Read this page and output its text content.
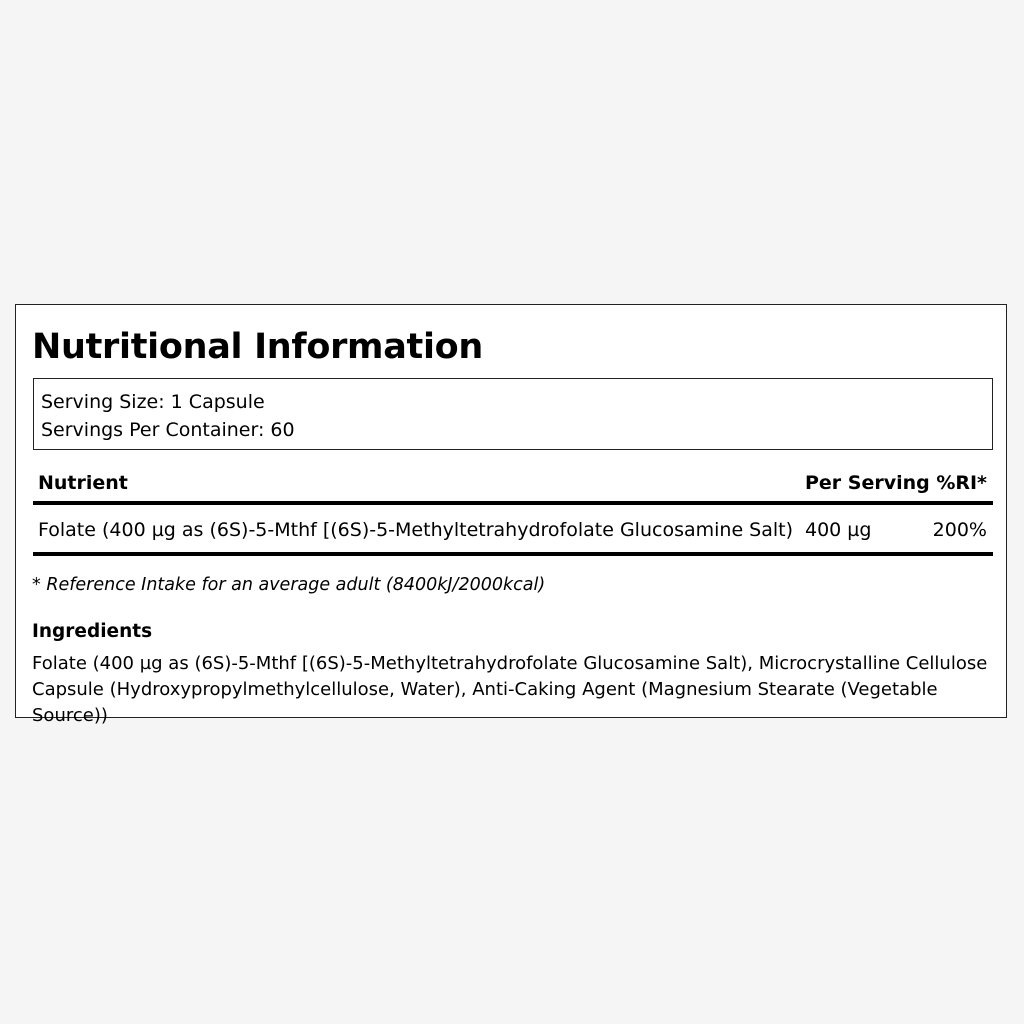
Nutritional Information
Serving Size: 1 Capsule
Servings Per Container: 60
Nutrient	Per Serving %RI*
Folate (400 µg as (6S)-5-Mthf [(6S)-5-Methyltetrahydrofolate Glucosamine Salt) 400 µg	200%
* Reference Intake for an average adult (8400kJ/2000kcal)
Ingredients
Folate (400 µg as (6S)-5-Mthf [(6S)-5-Methyltetrahydrofolate Glucosamine Salt), Microcrystalline Cellulose Capsule (Hydroxypropylmethylcellulose, Water), Anti-Caking Agent (Magnesium Stearate (Vegetable Source))
